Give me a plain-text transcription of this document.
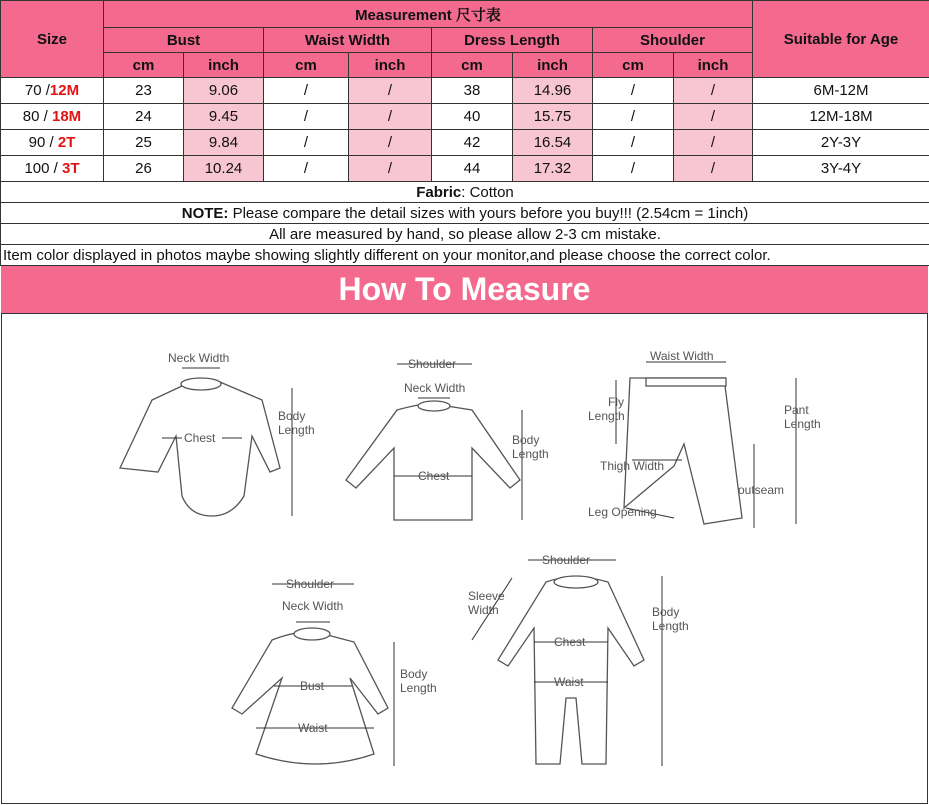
Size	Measurement 尺寸表								Suitable for Age
	Bust		Waist Width		Dress Length		Shoulder		
	cm	inch	cm	inch	cm	inch	cm	inch	
70 /12M	23	9.06	/	/	38	14.96	/	/	6M-12M
80 / 18M	24	9.45	/	/	40	15.75	/	/	12M-18M
90 / 2T	25	9.84	/	/	42	16.54	/	/	2Y-3Y
100 / 3T	26	10.24	/	/	44	17.32	/	/	3Y-4Y
Fabric: Cotton									
NOTE: Please compare the detail sizes with yours before you buy!!! (2.54cm = 1inch)									
All are measured by hand, so please allow 2-3 cm mistake.									
Item color displayed in photos maybe showing slightly different on your monitor,and please choose the correct color.									
How To Measure
Neck Width
Chest
Body
Length
Shoulder
Neck Width
Chest
Body
Length
Waist Width
Fly
Length
Thigh Width
Leg Opening
outseam
Pant
Length
Shoulder
Neck Width
Bust
Waist
Body
Length
Shoulder
Sleeve
Width
Chest
Waist
Body
Length
